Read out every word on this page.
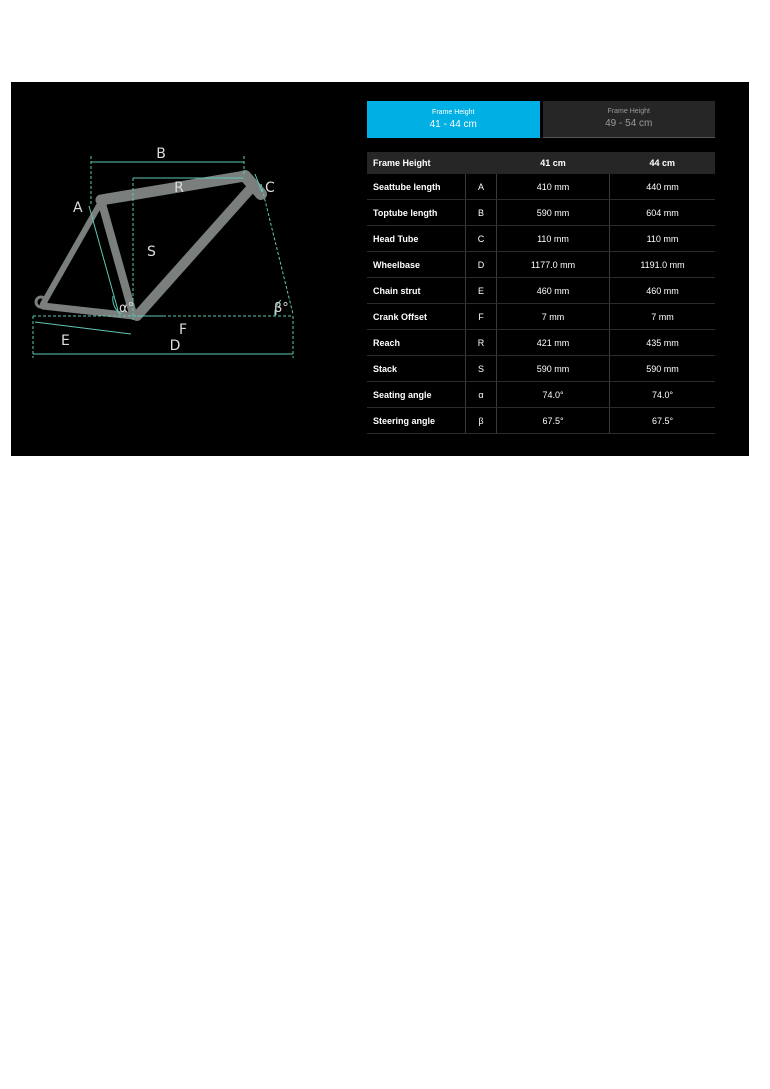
B
R	C
A
S
α°	β°
F
E	D
Frame Height
41 - 44 cm
Frame Height
49 - 54 cm
Frame Height		41 cm	44 cm
Seattube length	A	410 mm	440 mm
Toptube length	B	590 mm	604 mm
Head Tube	C	110 mm	110 mm
Wheelbase	D	1177.0 mm	1191.0 mm
Chain strut	E	460 mm	460 mm
Crank Offset	F	7 mm	7 mm
Reach	R	421 mm	435 mm
Stack	S	590 mm	590 mm
Seating angle	α	74.0°	74.0°
Steering angle	β	67.5°	67.5°
